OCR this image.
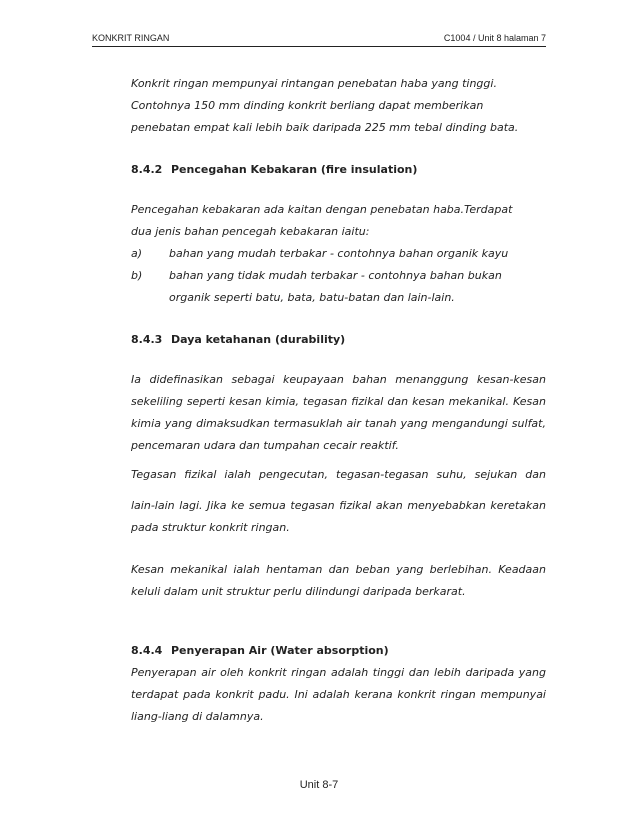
KONKRIT RINGAN	C1004 / Unit 8 halaman 7
Konkrit ringan mempunyai rintangan penebatan haba yang tinggi.
Contohnya 150 mm dinding konkrit berliang dapat memberikan
penebatan empat kali lebih baik daripada 225 mm tebal dinding bata.
8.4.2 Pencegahan Kebakaran (fire insulation)
Pencegahan kebakaran ada kaitan dengan penebatan haba.Terdapat
dua jenis bahan pencegah kebakaran iaitu:
a) bahan yang mudah terbakar - contohnya bahan organik kayu
b) bahan yang tidak mudah terbakar - contohnya bahan bukan
organik seperti batu, bata, batu-batan dan lain-lain.
8.4.3 Daya ketahanan (durability)
Ia didefinasikan sebagai keupayaan bahan menanggung kesan-kesan
sekeliling seperti kesan kimia, tegasan fizikal dan kesan mekanikal. Kesan
kimia yang dimaksudkan termasuklah air tanah yang mengandungi sulfat,
pencemaran udara dan tumpahan cecair reaktif.
Tegasan fizikal ialah pengecutan, tegasan-tegasan suhu, sejukan dan
lain-lain lagi. Jika ke semua tegasan fizikal akan menyebabkan keretakan
pada struktur konkrit ringan.
Kesan mekanikal ialah hentaman dan beban yang berlebihan. Keadaan
keluli dalam unit struktur perlu dilindungi daripada berkarat.
8.4.4 Penyerapan Air (Water absorption)
Penyerapan air oleh konkrit ringan adalah tinggi dan lebih daripada yang
terdapat pada konkrit padu. Ini adalah kerana konkrit ringan mempunyai
liang-liang di dalamnya.
Unit 8-7
